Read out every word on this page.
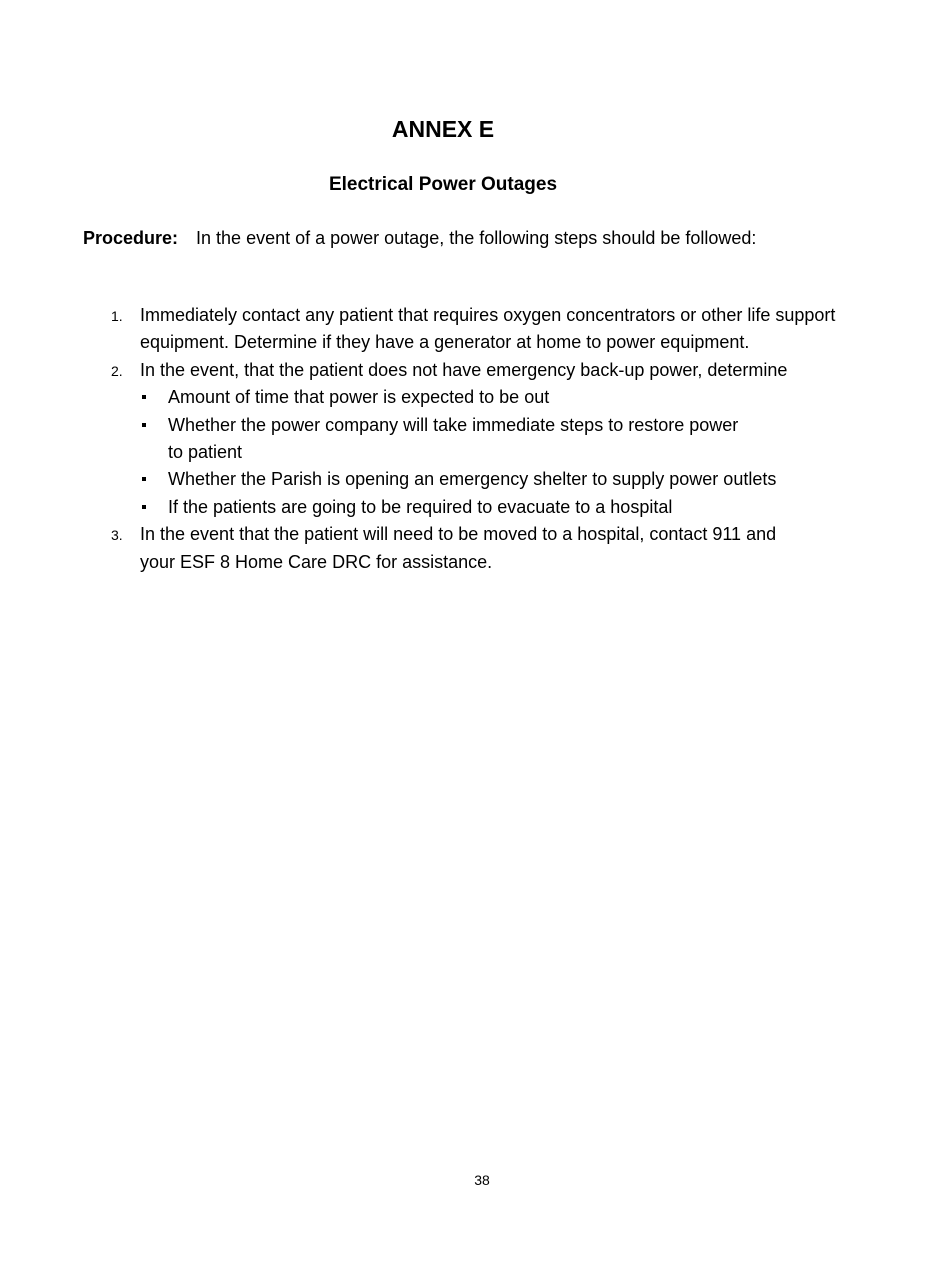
ANNEX E
Electrical Power Outages
Procedure: In the event of a power outage, the following steps should be followed:
1. Immediately contact any patient that requires oxygen concentrators or other life support equipment. Determine if they have a generator at home to power equipment.
2. In the event, that the patient does not have emergency back-up power, determine
Amount of time that power is expected to be out
Whether the power company will take immediate steps to restore power to patient
Whether the Parish is opening an emergency shelter to supply power outlets
If the patients are going to be required to evacuate to a hospital
3. In the event that the patient will need to be moved to a hospital, contact 911 and your ESF 8 Home Care DRC for assistance.
38
